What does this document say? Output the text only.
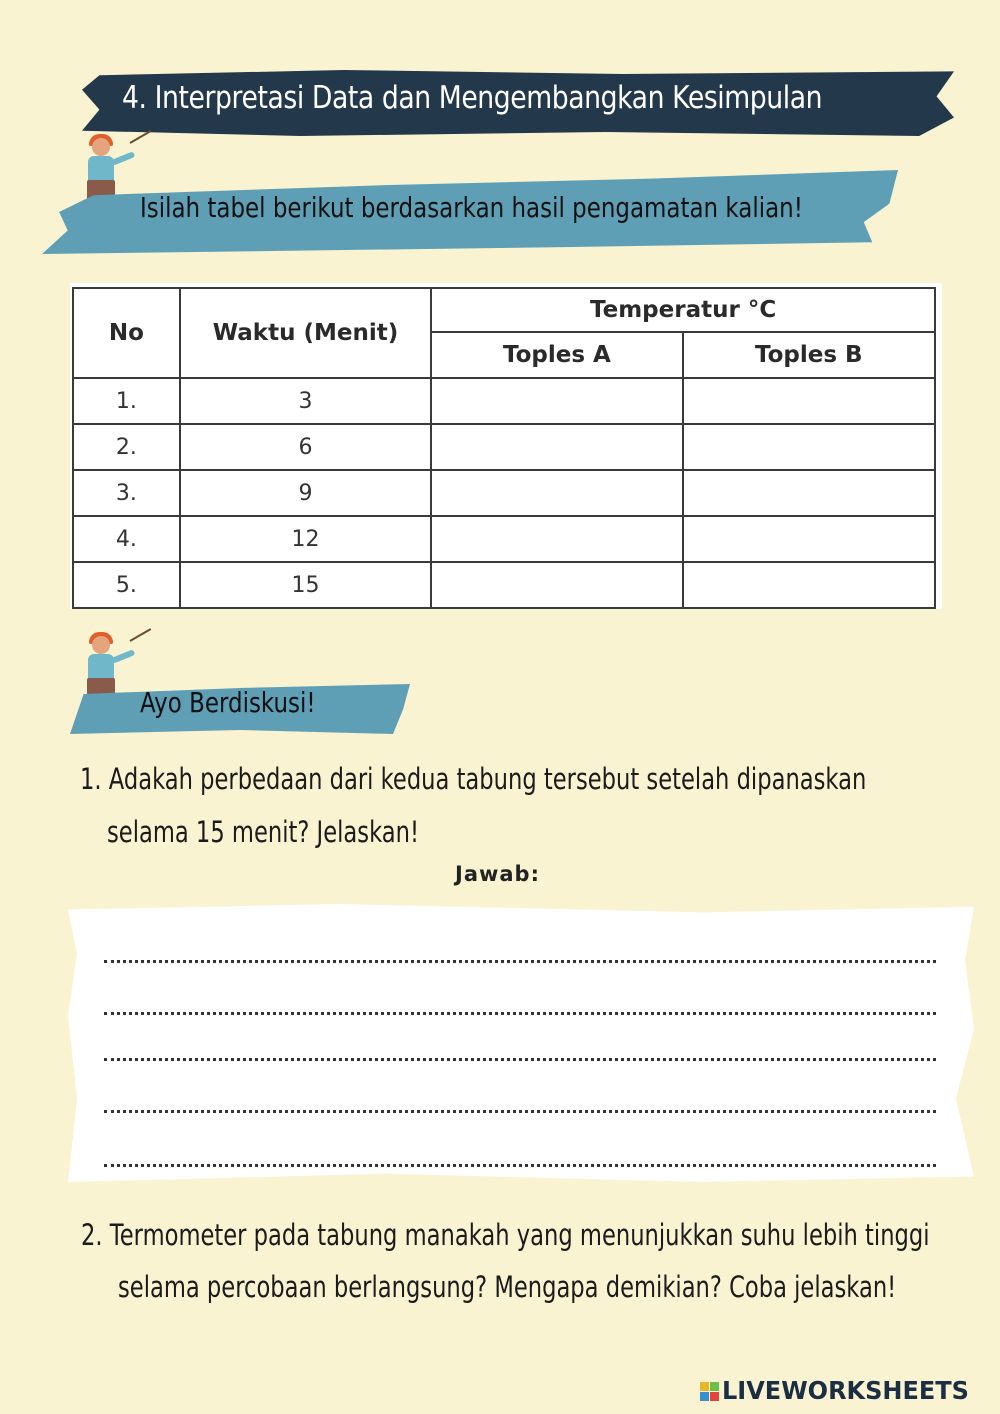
4. Interpretasi Data dan Mengembangkan Kesimpulan
Isilah tabel berikut berdasarkan hasil pengamatan kalian!
No	Waktu (Menit)	Temperatur °C	
		Toples A	Toples B
1.	3		
2.	6		
3.	9		
4.	12		
5.	15		
Ayo Berdiskusi!
1. Adakah perbedaan dari kedua tabung tersebut setelah dipanaskan
selama 15 menit? Jelaskan!
Jawab:
2. Termometer pada tabung manakah yang menunjukkan suhu lebih tinggi
selama percobaan berlangsung? Mengapa demikian? Coba jelaskan!
LIVEWORKSHEETS
